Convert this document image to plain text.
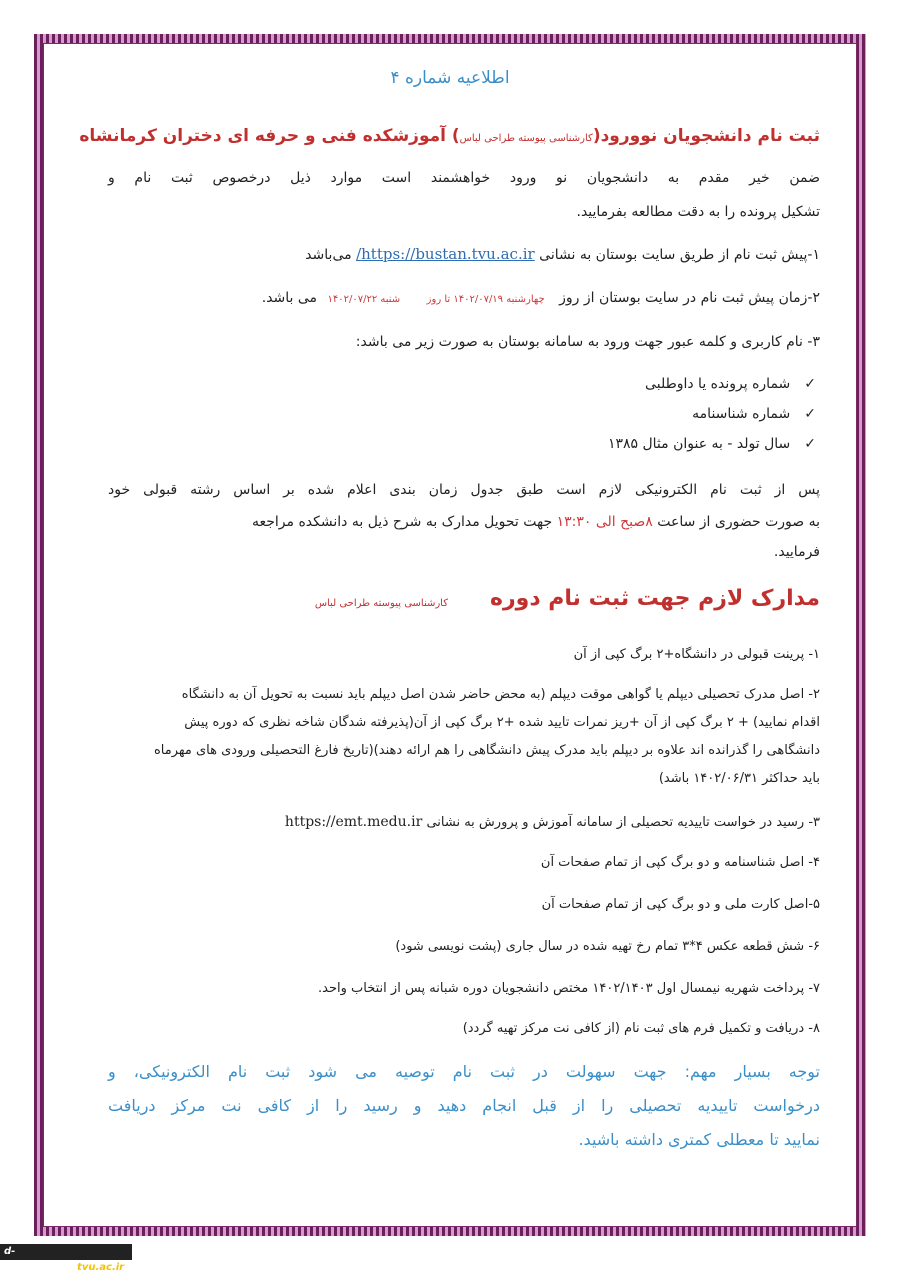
اطلاعیه شماره ۴
ثبت نام دانشجویان نوورود(کارشناسی پیوسته طراحی لباس) آموزشکده فنی و حرفه ای دختران کرمانشاه
ضمن خیر مقدم به دانشجویان نو ورود خواهشمند است موارد ذیل درخصوص ثبت نام و
تشکیل پرونده را به دقت مطالعه بفرمایید.
۱-پیش ثبت نام از طریق سایت بوستان به نشانی https://bustan.tvu.ac.ir/ می‌باشد
۲-زمان پیش ثبت نام در سایت بوستان از روز چهارشنبه ۱۴۰۲/۰۷/۱۹ تا روز شنبه ۱۴۰۲/۰۷/۲۲ می باشد.
۳- نام کاربری و کلمه عبور جهت ورود به سامانه بوستان به صورت زیر می باشد:
✓شماره پرونده یا داوطلبی
✓شماره شناسنامه
✓سال تولد - به عنوان مثال ۱۳۸۵
پس از ثبت نام الکترونیکی لازم است طبق جدول زمان بندی اعلام شده بر اساس رشته قبولی خود
به صورت حضوری از ساعت ۸صبح الی ۱۳:۳۰ جهت تحویل مدارک به شرح ذیل به دانشکده مراجعه
فرمایید.
مدارک لازم جهت ثبت نام دوره
کارشناسی پیوسته طراحی لباس
۱- پرینت قبولی در دانشگاه+۲ برگ کپی از آن
۲- اصل مدرک تحصیلی دیپلم یا گواهی موقت دیپلم (به محض حاضر شدن اصل دیپلم باید نسبت به تحویل آن به دانشگاه
اقدام نمایید) + ۲ برگ کپی از آن +ریز نمرات تایید شده +۲ برگ کپی از آن(پذیرفته شدگان شاخه نظری که دوره پیش
دانشگاهی را گذرانده اند علاوه بر دیپلم باید مدرک پیش دانشگاهی را هم ارائه دهند)(تاریخ فارغ التحصیلی ورودی های مهرماه
باید حداکثر ۱۴۰۲/۰۶/۳۱ باشد)
۳- رسید در خواست تاییدیه تحصیلی از سامانه آموزش و پرورش به نشانی https://emt.medu.ir
۴- اصل شناسنامه و دو برگ کپی از تمام صفحات آن
۵-اصل کارت ملی و دو برگ کپی از تمام صفحات آن
۶- شش قطعه عکس ۴*۳ تمام رخ تهیه شده در سال جاری (پشت نویسی شود)
۷- پرداخت شهریه نیمسال اول ۱۴۰۲/۱۴۰۳ مختص دانشجویان دوره شبانه پس از انتخاب واحد.
۸- دریافت و تکمیل فرم های ثبت نام (از کافی نت مرکز تهیه گردد)
توجه بسیار مهم: جهت سهولت در ثبت نام توصیه می شود ثبت نام الکترونیکی، و
درخواست تاییدیه تحصیلی را از قبل انجام دهید و رسید را از کافی نت مرکز دریافت
نمایید تا معطلی کمتری داشته باشید.
d-kermanshah.tvu.ac.ir
